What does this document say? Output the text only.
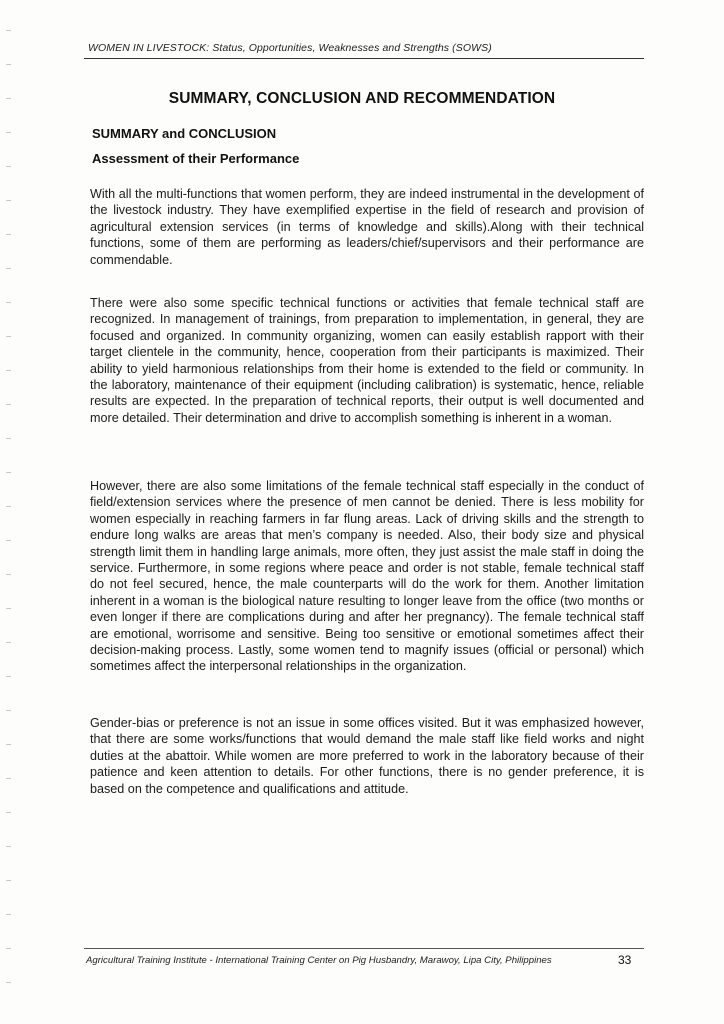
WOMEN IN LIVESTOCK: Status, Opportunities, Weaknesses and Strengths (SOWS)
SUMMARY, CONCLUSION AND RECOMMENDATION
SUMMARY and CONCLUSION
Assessment of their Performance

With all the multi-functions that women perform, they are indeed instrumental in the development of the livestock industry. They have exemplified expertise in the field of research and provision of agricultural extension services (in terms of knowledge and skills).Along with their technical functions, some of them are performing as leaders/chief/supervisors and their performance are commendable.

There were also some specific technical functions or activities that female technical staff are recognized. In management of trainings, from preparation to implementation, in general, they are focused and organized. In community organizing, women can easily establish rapport with their target clientele in the community, hence, cooperation from their participants is maximized. Their ability to yield harmonious relationships from their home is extended to the field or community. In the laboratory, maintenance of their equipment (including calibration) is systematic, hence, reliable results are expected. In the preparation of technical reports, their output is well documented and more detailed. Their determination and drive to accomplish something is inherent in a woman.

However, there are also some limitations of the female technical staff especially in the conduct of field/extension services where the presence of men cannot be denied. There is less mobility for women especially in reaching farmers in far flung areas. Lack of driving skills and the strength to endure long walks are areas that men’s company is needed. Also, their body size and physical strength limit them in handling large animals, more often, they just assist the male staff in doing the service. Furthermore, in some regions where peace and order is not stable, female technical staff do not feel secured, hence, the male counterparts will do the work for them. Another limitation inherent in a woman is the biological nature resulting to longer leave from the office (two months or even longer if there are complications during and after her pregnancy). The female technical staff are emotional, worrisome and sensitive. Being too sensitive or emotional sometimes affect their decision-making process. Lastly, some women tend to magnify issues (official or personal) which sometimes affect the interpersonal relationships in the organization.

Gender-bias or preference is not an issue in some offices visited. But it was emphasized however, that there are some works/functions that would demand the male staff like field works and night duties at the abattoir. While women are more preferred to work in the laboratory because of their patience and keen attention to details. For other functions, there is no gender preference, it is based on the competence and qualifications and attitude.

Agricultural Training Institute - International Training Center on Pig Husbandry, Marawoy, Lipa City, Philippines	33
